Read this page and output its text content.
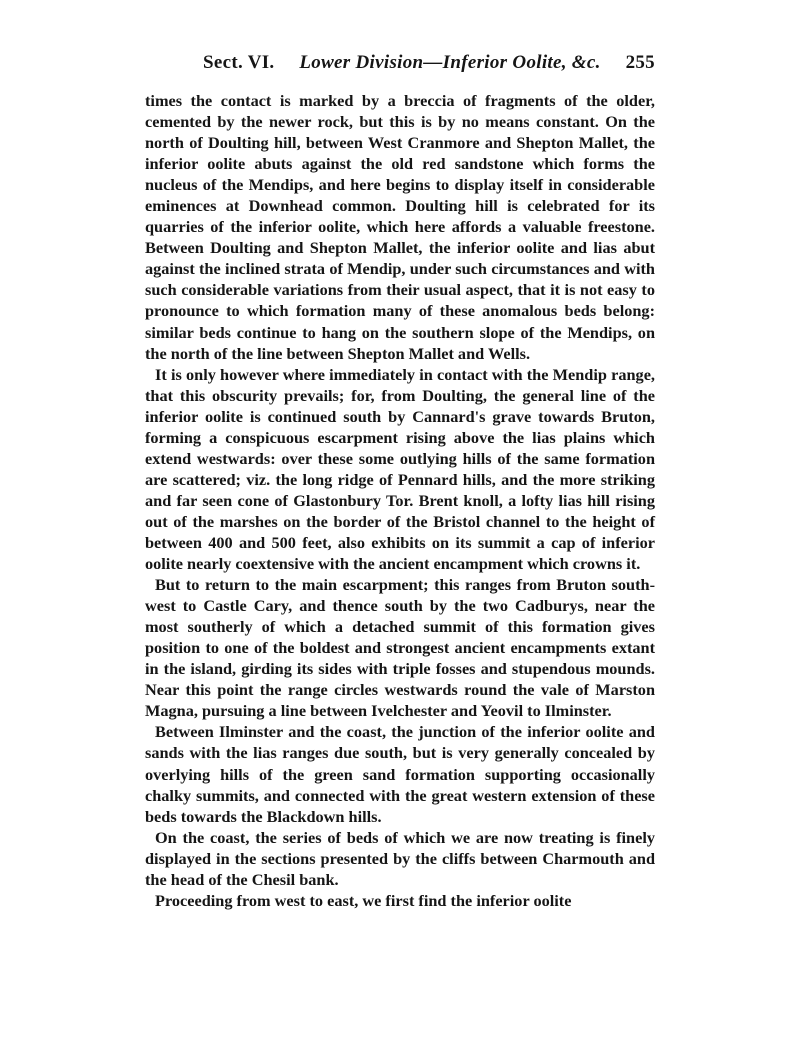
Sect. VI. Lower Division—Inferior Oolite, &c. 255

times the contact is marked by a breccia of fragments of the older, cemented by the newer rock, but this is by no means constant. On the north of Doulting hill, between West Cranmore and Shepton Mallet, the inferior oolite abuts against the old red sandstone which forms the nucleus of the Mendips, and here begins to display itself in considerable eminences at Downhead common. Doulting hill is celebrated for its quarries of the inferior oolite, which here affords a valuable freestone. Between Doulting and Shepton Mallet, the inferior oolite and lias abut against the inclined strata of Mendip, under such circumstances and with such considerable variations from their usual aspect, that it is not easy to pronounce to which formation many of these anomalous beds belong: similar beds continue to hang on the southern slope of the Mendips, on the north of the line between Shepton Mallet and Wells.

It is only however where immediately in contact with the Mendip range, that this obscurity prevails; for, from Doulting, the general line of the inferior oolite is continued south by Cannard's grave towards Bruton, forming a conspicuous escarpment rising above the lias plains which extend westwards: over these some outlying hills of the same formation are scattered; viz. the long ridge of Pennard hills, and the more striking and far seen cone of Glastonbury Tor. Brent knoll, a lofty lias hill rising out of the marshes on the border of the Bristol channel to the height of between 400 and 500 feet, also exhibits on its summit a cap of inferior oolite nearly coextensive with the ancient encampment which crowns it.

But to return to the main escarpment; this ranges from Bruton south-west to Castle Cary, and thence south by the two Cadburys, near the most southerly of which a detached summit of this formation gives position to one of the boldest and strongest ancient encampments extant in the island, girding its sides with triple fosses and stupendous mounds. Near this point the range circles westwards round the vale of Marston Magna, pursuing a line between Ivelchester and Yeovil to Ilminster.

Between Ilminster and the coast, the junction of the inferior oolite and sands with the lias ranges due south, but is very generally concealed by overlying hills of the green sand formation supporting occasionally chalky summits, and connected with the great western extension of these beds towards the Blackdown hills.

On the coast, the series of beds of which we are now treating is finely displayed in the sections presented by the cliffs between Charmouth and the head of the Chesil bank.

Proceeding from west to east, we first find the inferior oolite
